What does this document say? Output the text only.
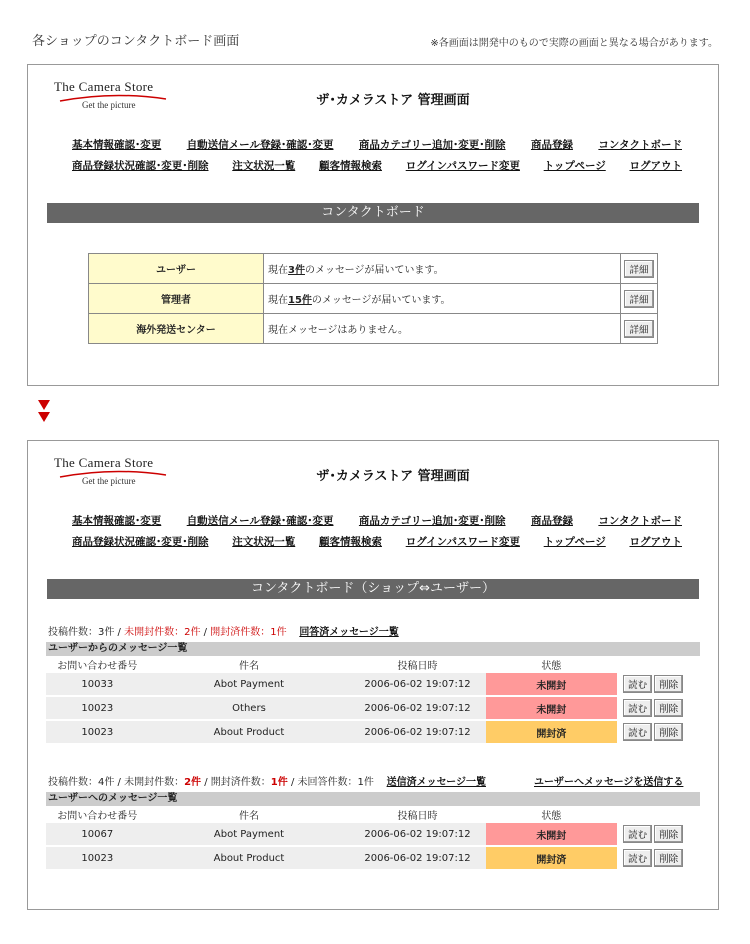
各ショップのコンタクトボード画面	※各画面は開発中のもので実際の画面と異なる場合があります。
The Camera Store
Get the picture	ザ･カメラストア 管理画面
基本情報確認･変更 自動送信メール登録･確認･変更 商品カテゴリー追加･変更･削除 商品登録 コンタクトボード
商品登録状況確認･変更･削除 注文状況一覧 顧客情報検索 ログインパスワード変更 トップページ ログアウト
コンタクトボード
ユーザー	現在3件のメッセージが届いています。	詳細
管理者	現在15件のメッセージが届いています。	詳細
海外発送センター	現在メッセージはありません。	詳細
The Camera Store
Get the picture	ザ･カメラストア 管理画面
基本情報確認･変更 自動送信メール登録･確認･変更 商品カテゴリー追加･変更･削除 商品登録 コンタクトボード
商品登録状況確認･変更･削除 注文状況一覧 顧客情報検索 ログインパスワード変更 トップページ ログアウト
コンタクトボード（ショップ⇔ユーザー）
投稿件数：3件 / 未開封件数：2件 / 開封済件数：1件 回答済メッセージ一覧
ユーザーからのメッセージ一覧
お問い合わせ番号	件名	投稿日時	状態	
10033	Abot Payment	2006-06-02 19:07:12	未開封	読む 削除
10023	Others	2006-06-02 19:07:12	未開封	読む 削除
10023	About Product	2006-06-02 19:07:12	開封済	読む 削除
投稿件数：4件 / 未開封件数：2件 / 開封済件数：1件 / 未回答件数：1件 送信済メッセージ一覧	ユーザーへメッセージを送信する
ユーザーへのメッセージ一覧
お問い合わせ番号	件名	投稿日時	状態	
10067	Abot Payment	2006-06-02 19:07:12	未開封	読む 削除
10023	About Product	2006-06-02 19:07:12	開封済	読む 削除
